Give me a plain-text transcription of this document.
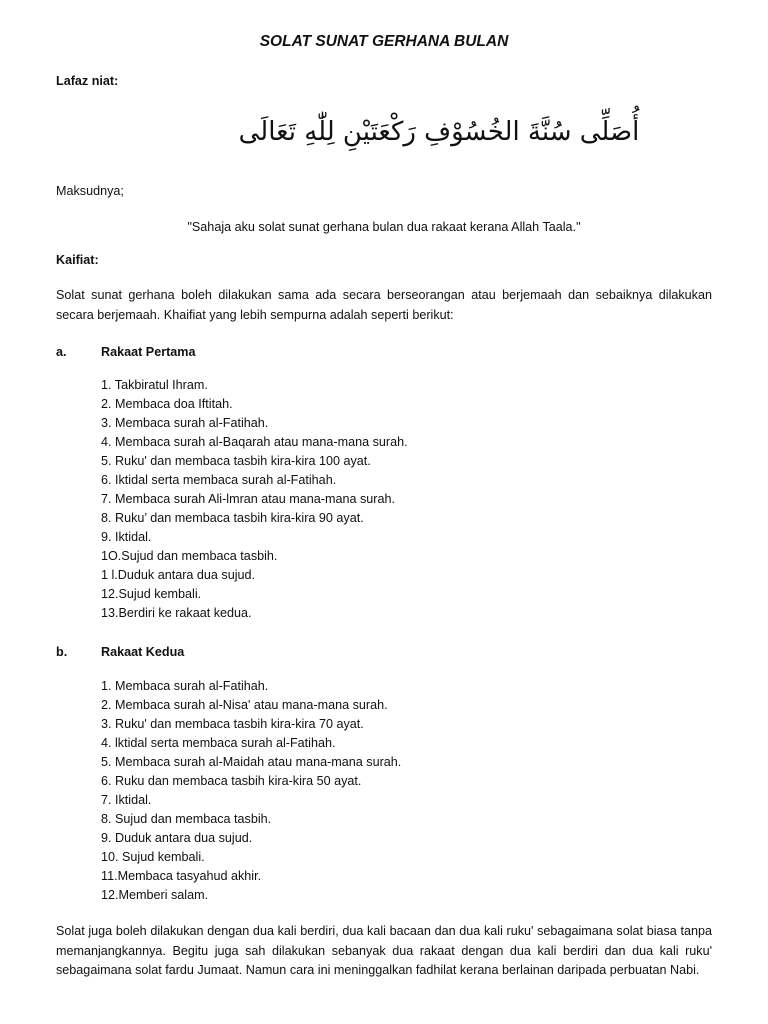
SOLAT SUNAT GERHANA BULAN
Lafaz niat:
أُصَلِّى سُنَّةَ الخُسُوْفِ رَكْعَتَيْنِ لِلّٰهِ تَعَالَى
Maksudnya;
"Sahaja aku solat sunat gerhana bulan dua rakaat kerana Allah Taala."
Kaifiat:
Solat sunat gerhana boleh dilakukan sama ada secara berseorangan atau berjemaah dan sebaiknya dilakukan secara berjemaah. Khaifiat yang lebih sempurna adalah seperti berikut:
a.	Rakaat Pertama
1. Takbiratul Ihram.
2. Membaca doa Iftitah.
3. Membaca surah al-Fatihah.
4. Membaca surah al-Baqarah atau mana-mana surah.
5. Ruku' dan membaca tasbih kira-kira 100 ayat.
6. Iktidal serta membaca surah al-Fatihah.
7. Membaca surah Ali-lmran atau mana-mana surah.
8. Ruku’ dan membaca tasbih kira-kira 90 ayat.
9. Iktidal.
1O.Sujud dan membaca tasbih.
1 l.Duduk antara dua sujud.
12.Sujud kembali.
13.Berdiri ke rakaat kedua.
b.	Rakaat Kedua
1. Membaca surah al-Fatihah.
2. Membaca surah al-Nisa' atau mana-mana surah.
3. Ruku' dan membaca tasbih kira-kira 70 ayat.
4. lktidal serta membaca surah al-Fatihah.
5. Membaca surah al-Maidah atau mana-mana surah.
6. Ruku dan membaca tasbih kira-kira 50 ayat.
7. Iktidal.
8. Sujud dan membaca tasbih.
9. Duduk antara dua sujud.
10. Sujud kembali.
11.Membaca tasyahud akhir.
12.Memberi salam.
Solat juga boleh dilakukan dengan dua kali berdiri, dua kali bacaan dan dua kali ruku' sebagaimana solat biasa tanpa memanjangkannya. Begitu juga sah dilakukan sebanyak dua rakaat dengan dua kali berdiri dan dua kali ruku' sebagaimana solat fardu Jumaat. Namun cara ini meninggalkan fadhilat kerana berlainan daripada perbuatan Nabi.
